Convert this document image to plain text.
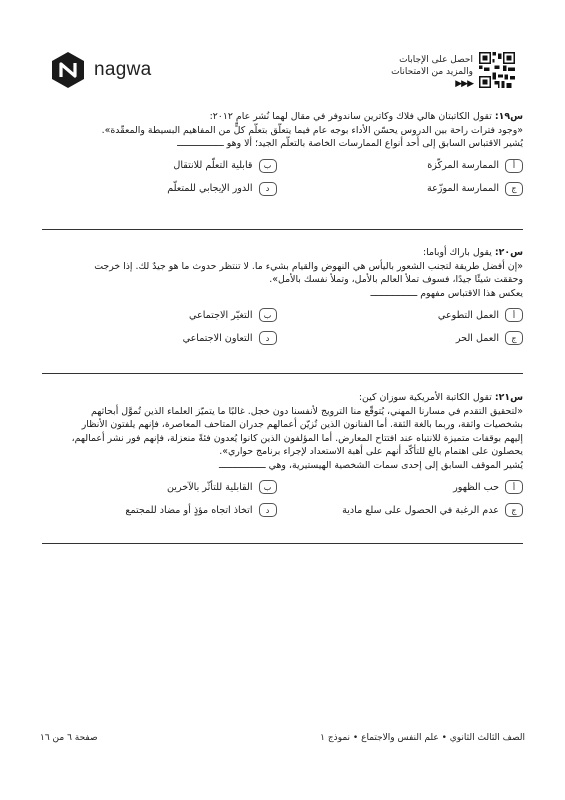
nagwa	احصل على الإجابات
والمزيد من الامتحانات
▶▶▶

س١٩: تقول الكاتبتان هالي فلاك وكاترين ساندوفر في مقال لهما نُشر عام ٢٠١٢:

«وجود فترات راحة بين الدروس يحسّن الأداء بوجه عام فيما يتعلّق بتعلّم كلٍّ من المفاهيم البسيطة والمعقّدة».

يُشير الاقتباس السابق إلى أحد أنواع الممارسات الخاصة بالتعلّم الجيد؛ ألا وهو ـــــــــــــــــ

أ
الممارسة المركّزة
ب
قابلية التعلّم للانتقال
ج
الممارسة الموزّعة
د
الدور الإيجابي للمتعلّم

س٢٠: يقول باراك أوباما:

«إن أفضل طريقة لتجنب الشعور باليأس هي النهوض والقيام بشيء ما. لا تنتظر حدوث ما هو جيدٌ لك. إذا خرجت

وحققت شيئًا جيدًا، فسوف تملأ العالم بالأمل، وتملأ نفسك بالأمل».

يعكس هذا الاقتباس مفهوم ـــــــــــــــــ

أ
العمل التطوعي
ب
التغيّر الاجتماعي
ج
العمل الحر
د
التعاون الاجتماعي

س٢١: تقول الكاتبة الأمريكية سوزان كين:

«لتحقيق التقدم في مسارنا المهني، يُتوقّع منا الترويج لأنفسنا دون خجل. غالبًا ما يتميّز العلماء الذين تُموَّل أبحاثهم

بشخصيات واثقة، وربما بالغة الثقة. أما الفنانون الذين تُزيّن أعمالهم جدران المتاحف المعاصرة، فإنهم يلفتون الأنظار

إليهم بوقفات متميزة للانتباه عند افتتاح المعارض. أما المؤلفون الذين كانوا يُعدون فئةً منعزلة، فإنهم فور نشر أعمالهم،

يحصلون على اهتمام بالغ للتأكّد أنهم على أهبة الاستعداد لإجراء برنامج حواري».

يُشير الموقف السابق إلى إحدى سمات الشخصية الهيستيرية، وهي ـــــــــــــــــ

أ
حب الظهور
ب
القابلية للتأثّر بالآخرين
ج
عدم الرغبة في الحصول على سلع مادية
د
اتخاذ اتجاه مؤذٍ أو مضاد للمجتمع
صفحة ٦ من ١٦	الصف الثالث الثانوي • علم النفس والاجتماع • نموذج ١
